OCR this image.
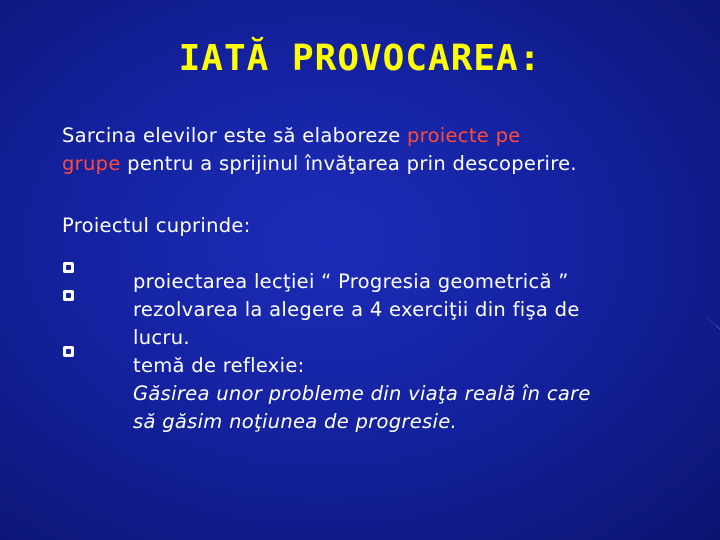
IATĂ PROVOCAREA:
Sarcina elevilor este să elaboreze proiecte pe
grupe pentru a sprijinul învăţarea prin descoperire.
Proiectul cuprinde:
proiectarea lecţiei “ Progresia geometrică ”
rezolvarea la alegere a 4 exerciţii din fişa de
lucru.
temă de reflexie:
Găsirea unor probleme din viaţa reală în care
să găsim noţiunea de progresie.
